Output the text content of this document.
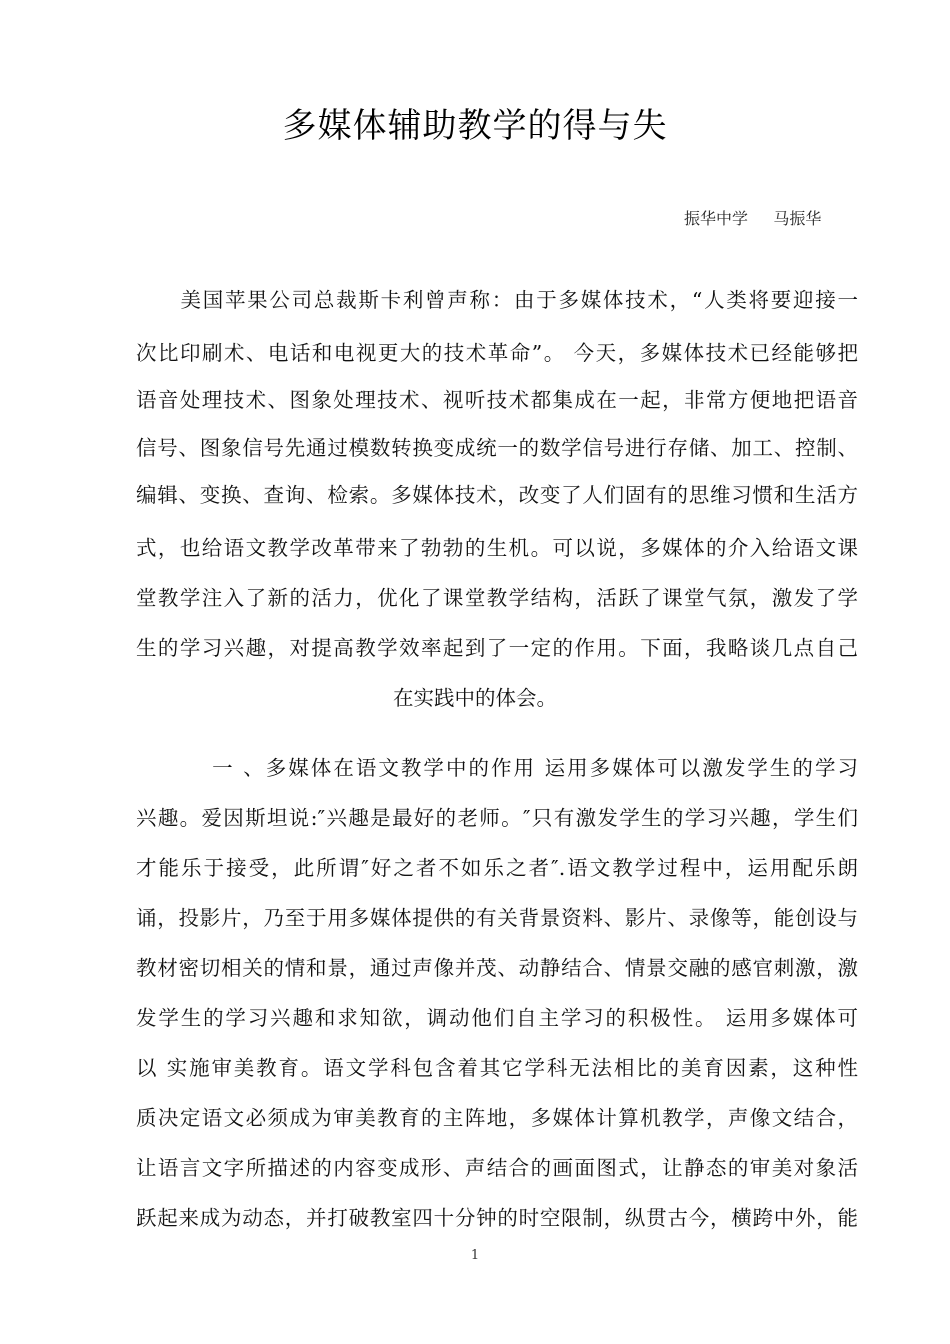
多媒体辅助教学的得与失
振华中学     马振华
　　美国苹果公司总裁斯卡利曾声称：由于多媒体技术，“人类将要迎接一
次比印刷术、电话和电视更大的技术革命”。 今天，多媒体技术已经能够把
语音处理技术、图象处理技术、视听技术都集成在一起，非常方便地把语音
信号、图象信号先通过模数转换变成统一的数学信号进行存储、加工、控制、
编辑、变换、查询、检索。多媒体技术，改变了人们固有的思维习惯和生活方
式，也给语文教学改革带来了勃勃的生机。可以说，多媒体的介入给语文课
堂教学注入了新的活力，优化了课堂教学结构，活跃了课堂气氛，激发了学
生的学习兴趣，对提高教学效率起到了一定的作用。下面，我略谈几点自己
在实践中的体会。
　　　 一 、多媒体在语文教学中的作用 运用多媒体可以激发学生的学习
兴趣。爱因斯坦说:″兴趣是最好的老师。″只有激发学生的学习兴趣，学生们
才能乐于接受，此所谓″好之者不如乐之者″.语文教学过程中，运用配乐朗
诵，投影片，乃至于用多媒体提供的有关背景资料、影片、录像等，能创设与
教材密切相关的情和景，通过声像并茂、动静结合、情景交融的感官刺激，激
发学生的学习兴趣和求知欲，调动他们自主学习的积极性。 运用多媒体可
以 实施审美教育。语文学科包含着其它学科无法相比的美育因素，这种性
质决定语文必须成为审美教育的主阵地，多媒体计算机教学，声像文结合，
让语言文字所描述的内容变成形、声结合的画面图式，让静态的审美对象活
跃起来成为动态，并打破教室四十分钟的时空限制，纵贯古今，横跨中外，能
1
